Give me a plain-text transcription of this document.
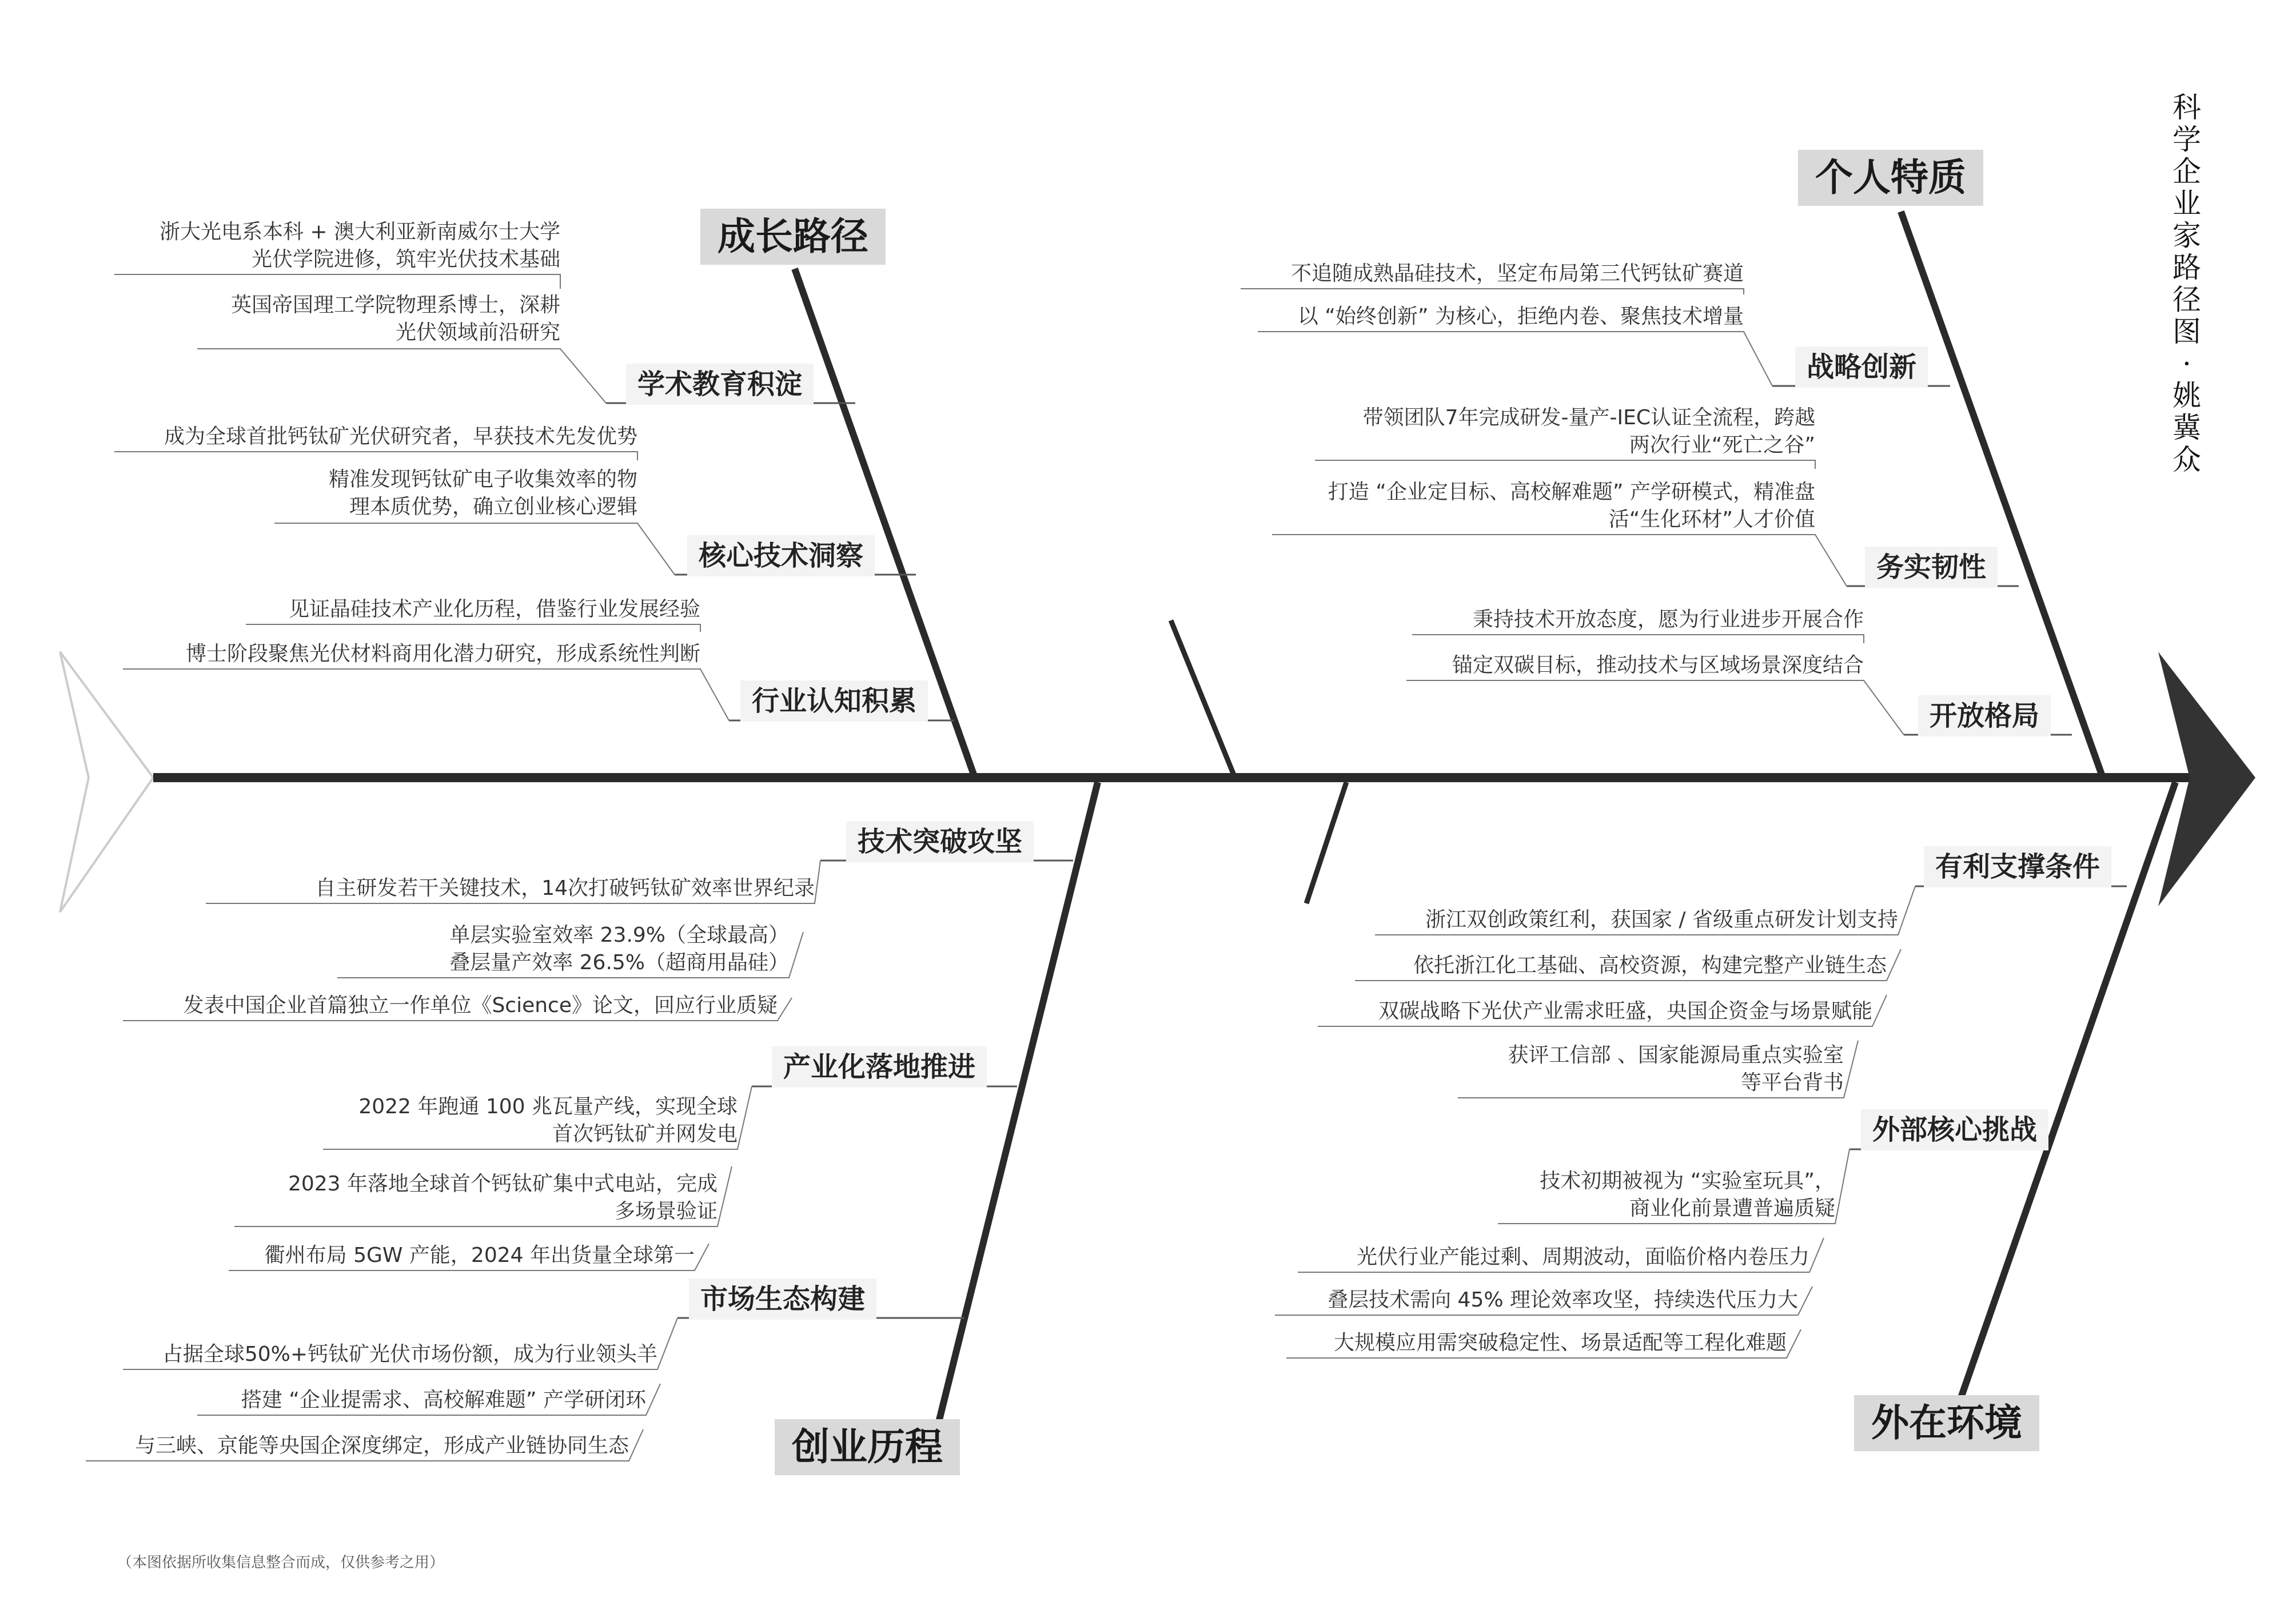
科学企业家路径图 · 姚冀众
成长路径
个人特质
创业历程
外在环境
学术教育积淀
核心技术洞察
行业认知积累
战略创新
务实韧性
开放格局
技术突破攻坚
产业化落地推进
市场生态构建
有利支撑条件
外部核心挑战
浙大光电系本科 + 澳大利亚新南威尔士大学
光伏学院进修，筑牢光伏技术基础
英国帝国理工学院物理系博士，深耕
光伏领域前沿研究
成为全球首批钙钛矿光伏研究者，早获技术先发优势
精准发现钙钛矿电子收集效率的物
理本质优势，确立创业核心逻辑
见证晶硅技术产业化历程，借鉴行业发展经验
博士阶段聚焦光伏材料商用化潜力研究，形成系统性判断
不追随成熟晶硅技术，坚定布局第三代钙钛矿赛道
以 “始终创新” 为核心，拒绝内卷、聚焦技术增量
带领团队7年完成研发-量产-IEC认证全流程，跨越
两次行业“死亡之谷”
打造 “企业定目标、高校解难题” 产学研模式，精准盘
活“生化环材”人才价值
秉持技术开放态度，愿为行业进步开展合作
锚定双碳目标，推动技术与区域场景深度结合
自主研发若干关键技术，14次打破钙钛矿效率世界纪录
单层实验室效率 23.9%（全球最高）
叠层量产效率 26.5%（超商用晶硅）
发表中国企业首篇独立一作单位《Science》论文，回应行业质疑
2022 年跑通 100 兆瓦量产线，实现全球
首次钙钛矿并网发电
2023 年落地全球首个钙钛矿集中式电站，完成
多场景验证
衢州布局 5GW 产能，2024 年出货量全球第一
占据全球50%+钙钛矿光伏市场份额，成为行业领头羊
搭建 “企业提需求、高校解难题” 产学研闭环
与三峡、京能等央国企深度绑定，形成产业链协同生态
浙江双创政策红利，获国家 / 省级重点研发计划支持
依托浙江化工基础、高校资源，构建完整产业链生态
双碳战略下光伏产业需求旺盛，央国企资金与场景赋能
获评工信部 、国家能源局重点实验室
等平台背书
技术初期被视为 “实验室玩具”，
商业化前景遭普遍质疑
光伏行业产能过剩、周期波动，面临价格内卷压力
叠层技术需向 45% 理论效率攻坚，持续迭代压力大
大规模应用需突破稳定性、场景适配等工程化难题
（本图依据所收集信息整合而成，仅供参考之用）
